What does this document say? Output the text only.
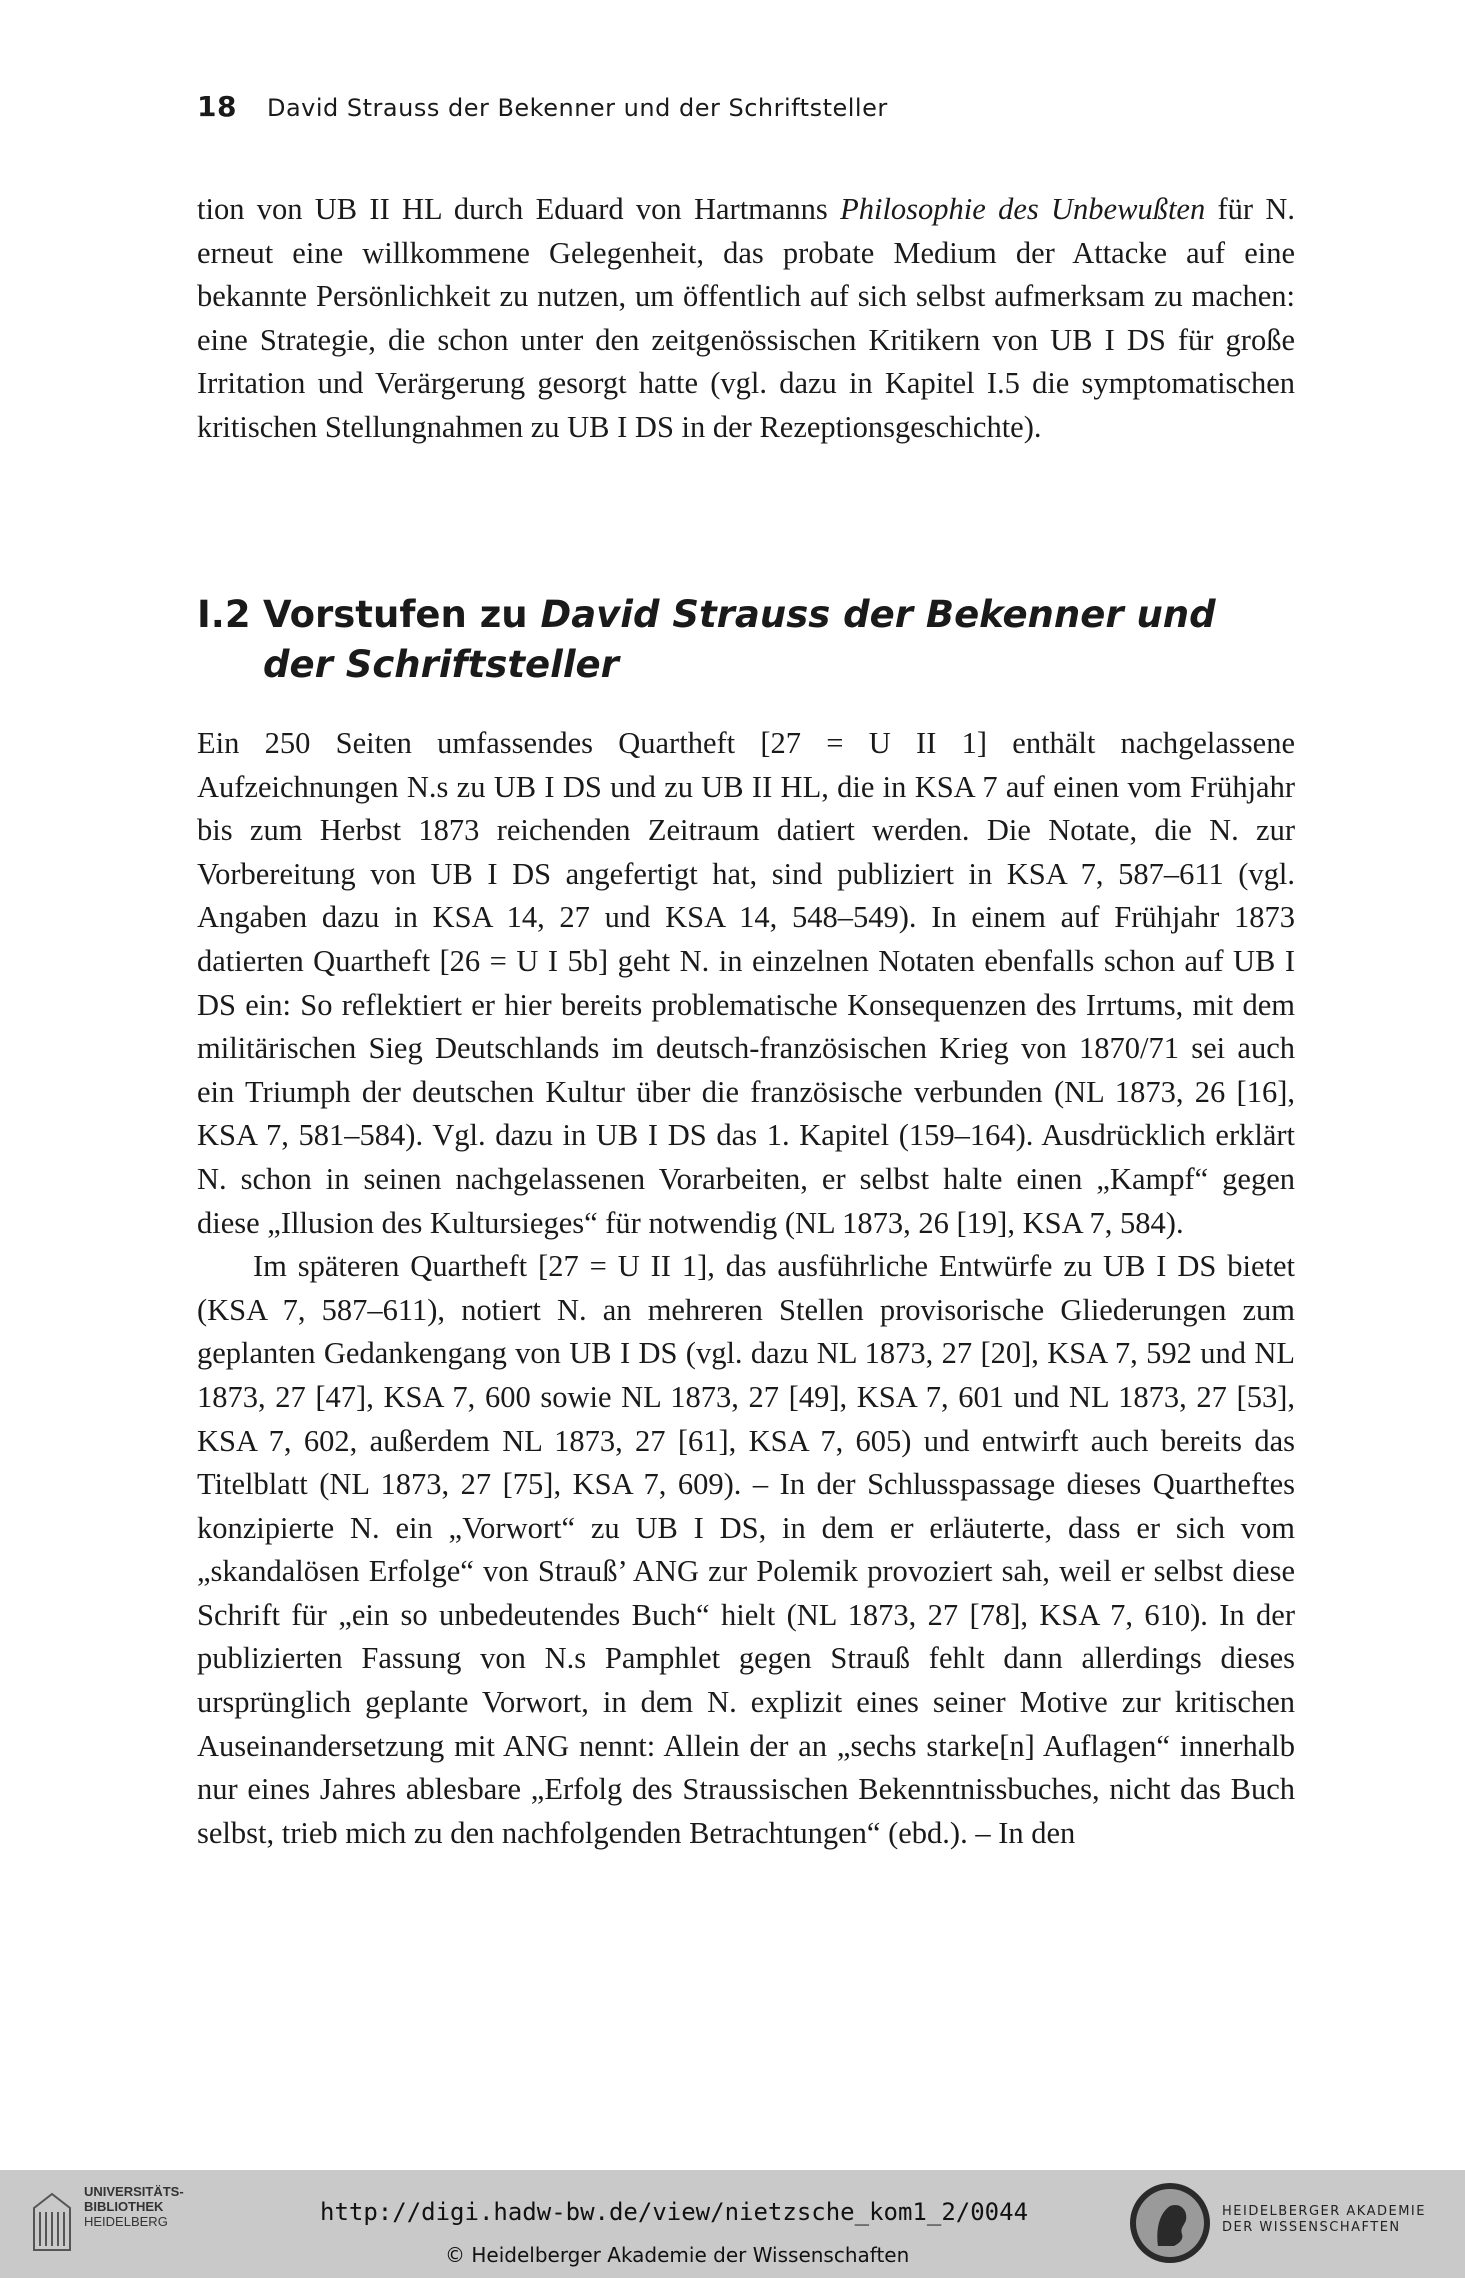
18 David Strauss der Bekenner und der Schriftsteller

tion von UB II HL durch Eduard von Hartmanns Philosophie des Unbewußten für N. erneut eine willkommene Gelegenheit, das probate Medium der Attacke auf eine bekannte Persönlichkeit zu nutzen, um öffentlich auf sich selbst aufmerksam zu machen: eine Strategie, die schon unter den zeitgenössischen Kritikern von UB I DS für große Irritation und Verärgerung gesorgt hatte (vgl. dazu in Kapitel I.5 die symptomatischen kritischen Stellungnahmen zu UB I DS in der Rezeptionsgeschichte).

I.2 Vorstufen zu David Strauss der Bekenner und
der Schriftsteller

Ein 250 Seiten umfassendes Quartheft [27 = U II 1] enthält nachgelassene Aufzeichnungen N.s zu UB I DS und zu UB II HL, die in KSA 7 auf einen vom Frühjahr bis zum Herbst 1873 reichenden Zeitraum datiert werden. Die Notate, die N. zur Vorbereitung von UB I DS angefertigt hat, sind publiziert in KSA 7, 587–611 (vgl. Angaben dazu in KSA 14, 27 und KSA 14, 548–549). In einem auf Frühjahr 1873 datierten Quartheft [26 = U I 5b] geht N. in einzelnen Notaten ebenfalls schon auf UB I DS ein: So reflektiert er hier bereits problematische Konsequenzen des Irrtums, mit dem militärischen Sieg Deutschlands im deutsch-französischen Krieg von 1870/71 sei auch ein Triumph der deutschen Kultur über die französische verbunden (NL 1873, 26 [16], KSA 7, 581–584). Vgl. dazu in UB I DS das 1. Kapitel (159–164). Ausdrücklich erklärt N. schon in seinen nachgelassenen Vorarbeiten, er selbst halte einen „Kampf“ gegen diese „Illusion des Kultursieges“ für notwendig (NL 1873, 26 [19], KSA 7, 584).

Im späteren Quartheft [27 = U II 1], das ausführliche Entwürfe zu UB I DS bietet (KSA 7, 587–611), notiert N. an mehreren Stellen provisorische Gliederungen zum geplanten Gedankengang von UB I DS (vgl. dazu NL 1873, 27 [20], KSA 7, 592 und NL 1873, 27 [47], KSA 7, 600 sowie NL 1873, 27 [49], KSA 7, 601 und NL 1873, 27 [53], KSA 7, 602, außerdem NL 1873, 27 [61], KSA 7, 605) und entwirft auch bereits das Titelblatt (NL 1873, 27 [75], KSA 7, 609). – In der Schlusspassage dieses Quartheftes konzipierte N. ein „Vorwort“ zu UB I DS, in dem er erläuterte, dass er sich vom „skandalösen Erfolge“ von Strauß’ ANG zur Polemik provoziert sah, weil er selbst diese Schrift für „ein so unbedeutendes Buch“ hielt (NL 1873, 27 [78], KSA 7, 610). In der publizierten Fassung von N.s Pamphlet gegen Strauß fehlt dann allerdings dieses ursprünglich geplante Vorwort, in dem N. explizit eines seiner Motive zur kritischen Auseinandersetzung mit ANG nennt: Allein der an „sechs starke[n] Auflagen“ innerhalb nur eines Jahres ablesbare „Erfolg des Straussischen Bekenntnissbuches, nicht das Buch selbst, trieb mich zu den nachfolgenden Betrachtungen“ (ebd.). – In den

UNIVERSITÄTS-
BIBLIOTHEK
HEIDELBERG	http://digi.hadw-bw.de/view/nietzsche_kom1_2/0044
© Heidelberger Akademie der Wissenschaften
HEIDELBERGER AKADEMIE
DER WISSENSCHAFTEN
